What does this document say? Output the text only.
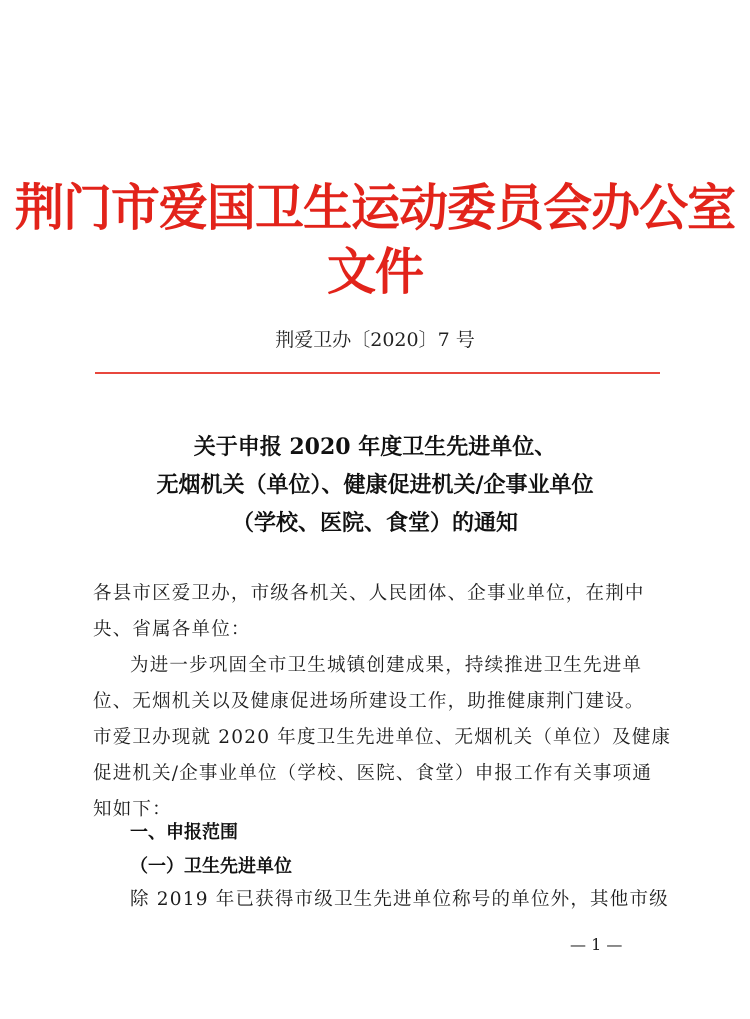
荆门市爱国卫生运动委员会办公室文件
荆爱卫办〔2020〕7 号
关于申报 2020 年度卫生先进单位、
无烟机关（单位）、健康促进机关/企事业单位
（学校、医院、食堂）的通知
各县市区爱卫办，市级各机关、人民团体、企事业单位，在荆中
央、省属各单位：
为进一步巩固全市卫生城镇创建成果，持续推进卫生先进单
位、无烟机关以及健康促进场所建设工作，助推健康荆门建设。
市爱卫办现就 2020 年度卫生先进单位、无烟机关（单位）及健康
促进机关/企事业单位（学校、医院、食堂）申报工作有关事项通
知如下：
一、申报范围
（一）卫生先进单位
除 2019 年已获得市级卫生先进单位称号的单位外，其他市级
— 1 —
